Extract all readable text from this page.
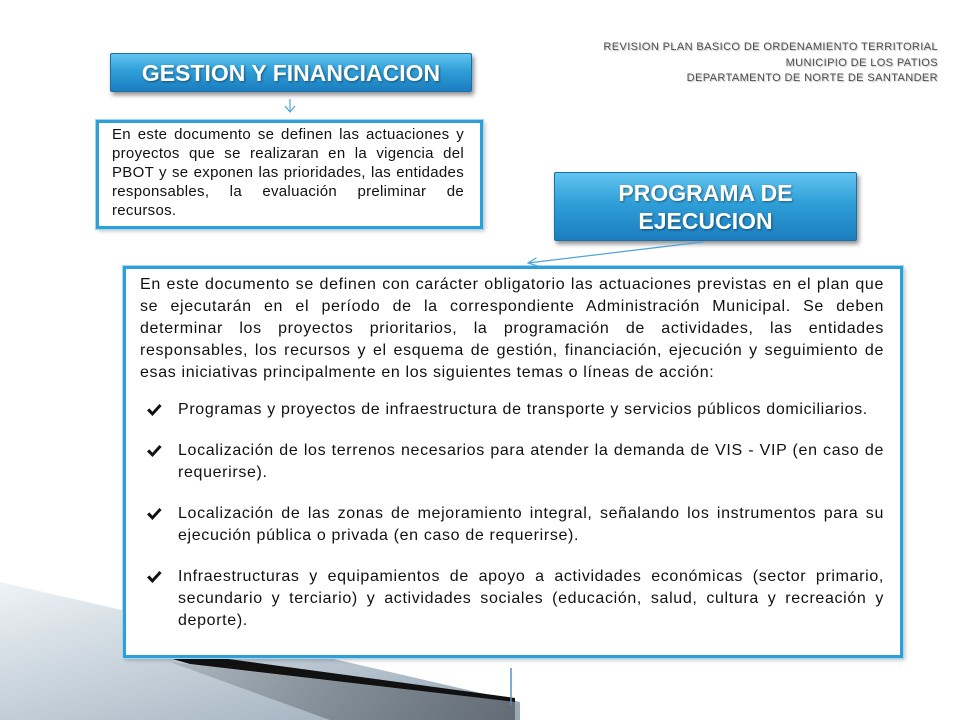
REVISION PLAN BASICO DE ORDENAMIENTO TERRITORIAL
MUNICIPIO DE LOS PATIOS
DEPARTAMENTO DE NORTE DE SANTANDER
GESTION Y FINANCIACION
En este documento se definen las actuaciones y proyectos que se realizaran en la vigencia del PBOT y se exponen las prioridades, las entidades responsables, la evaluación preliminar de recursos.
PROGRAMA DE EJECUCION

En este documento se definen con carácter obligatorio las actuaciones previstas en el plan que se ejecutarán en el período de la correspondiente Administración Municipal. Se deben determinar los proyectos prioritarios, la programación de actividades, las entidades responsables, los recursos y el esquema de gestión, financiación, ejecución y seguimiento de esas iniciativas principalmente en los siguientes temas o líneas de acción:

Programas y proyectos de infraestructura de transporte y servicios públicos domiciliarios.
Localización de los terrenos necesarios para atender la demanda de VIS - VIP (en caso de requerirse).
Localización de las zonas de mejoramiento integral, señalando los instrumentos para su ejecución pública o privada (en caso de requerirse).
Infraestructuras y equipamientos de apoyo a actividades económicas (sector primario, secundario y terciario) y actividades sociales (educación, salud, cultura y recreación y deporte).
